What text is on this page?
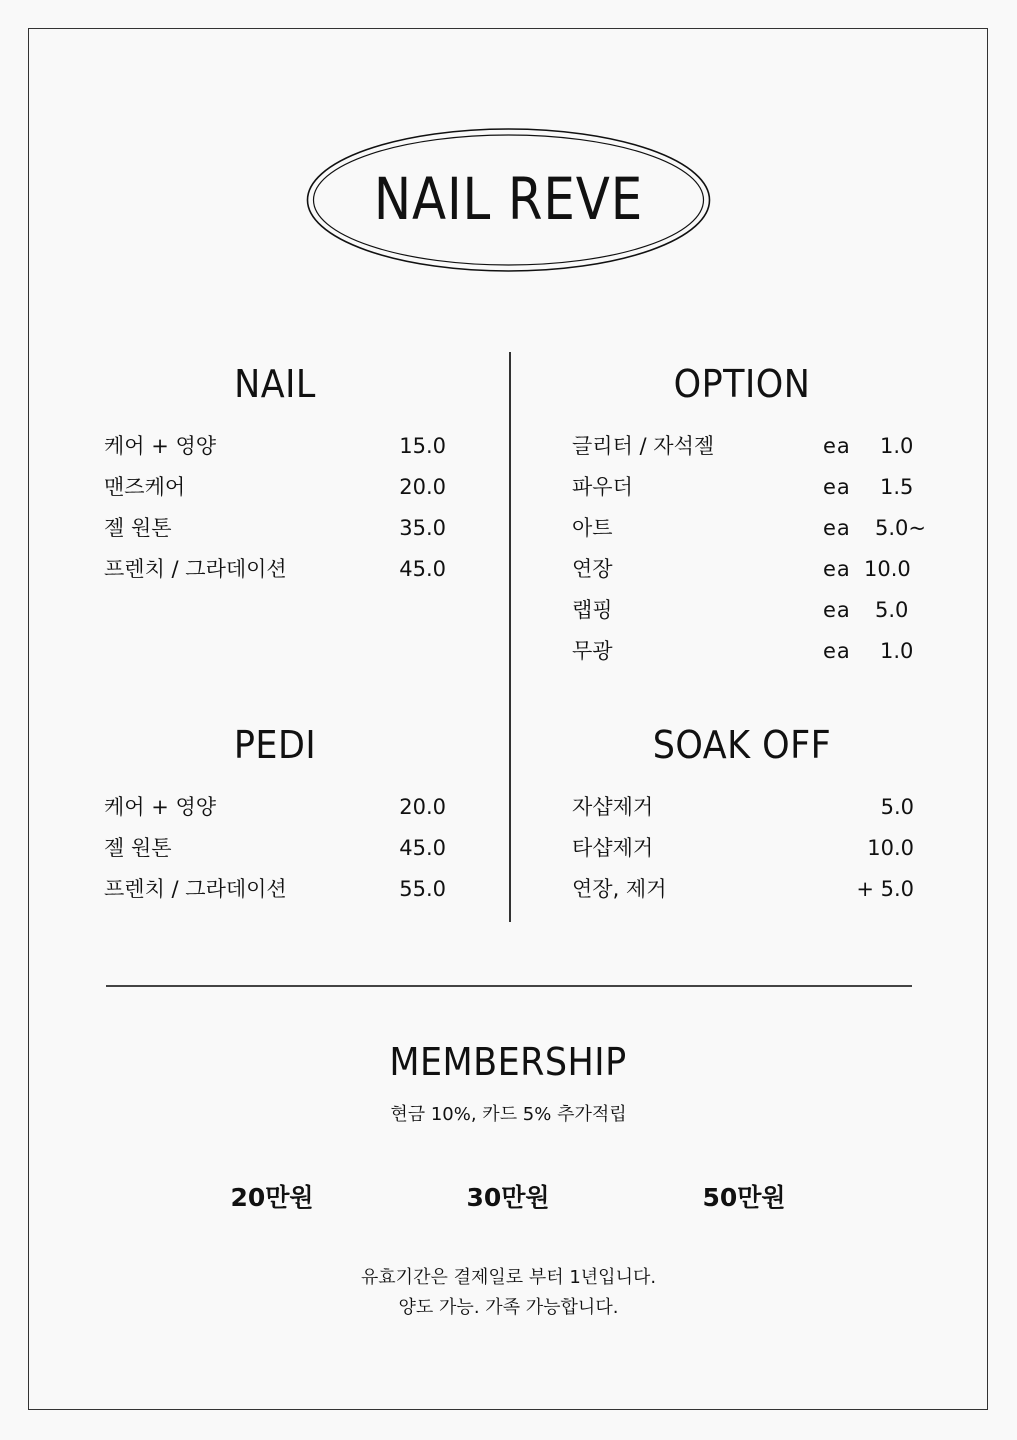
NAIL REVE
NAIL	OPTION
PEDI	SOAK OFF
케어 + 영양	15.0
맨즈케어	20.0
젤 원톤	35.0
프렌치 / 그라데이션	45.0
글리터 / 자석젤	ea 1.0
파우더	ea 1.5
아트	ea 5.0~
연장	ea 10.0
랩핑	ea 5.0
무광	ea 1.0
케어 + 영양	20.0
젤 원톤	45.0
프렌치 / 그라데이션	55.0
자샵제거	5.0
타샵제거	10.0
연장, 제거	+ 5.0
MEMBERSHIP
현금 10%, 카드 5% 추가적립
20만원	30만원	50만원
유효기간은 결제일로 부터 1년입니다.
양도 가능. 가족 가능합니다.
